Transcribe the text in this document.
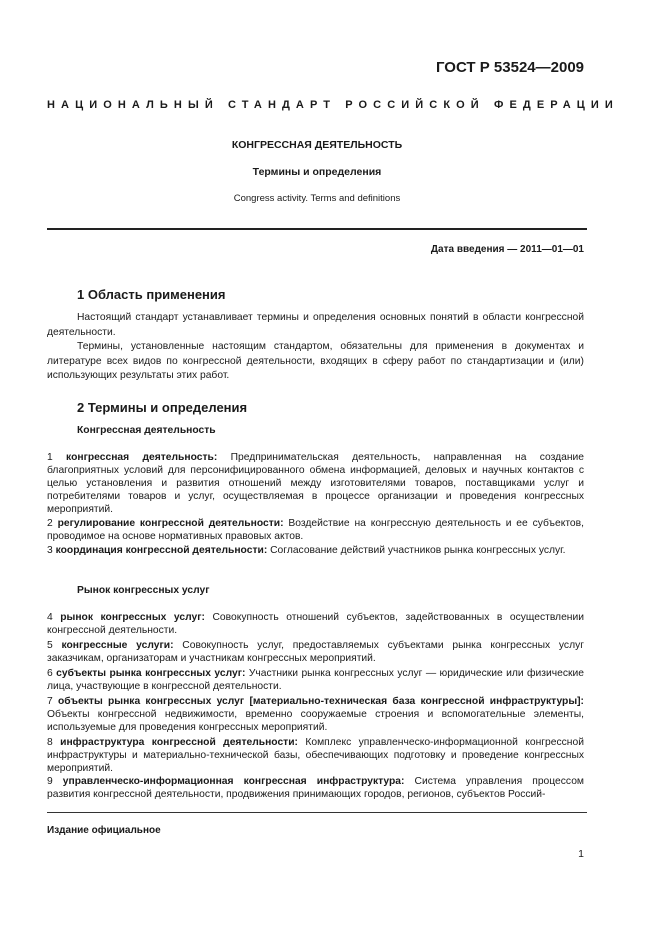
ГОСТ Р 53524—2009
НАЦИОНАЛЬНЫЙ СТАНДАРТ РОССИЙСКОЙ ФЕДЕРАЦИИ
КОНГРЕССНАЯ ДЕЯТЕЛЬНОСТЬ
Термины и определения
Congress activity. Terms and definitions
Дата введения — 2011—01—01
1 Область применения
Настоящий стандарт устанавливает термины и определения основных понятий в области конгрессной деятельности.
Термины, установленные настоящим стандартом, обязательны для применения в документах и литературе всех видов по конгрессной деятельности, входящих в сферу работ по стандартизации и (или) использующих результаты этих работ.
2 Термины и определения
Конгрессная деятельность
1 конгрессная деятельность: Предпринимательская деятельность, направленная на создание благоприятных условий для персонифицированного обмена информацией, деловых и научных контактов с целью установления и развития отношений между изготовителями товаров, поставщиками услуг и потребителями товаров и услуг, осуществляемая в процессе организации и проведения конгрессных мероприятий.
2 регулирование конгрессной деятельности: Воздействие на конгрессную деятельность и ее субъектов, проводимое на основе нормативных правовых актов.
3 координация конгрессной деятельности: Согласование действий участников рынка конгрессных услуг.
Рынок конгрессных услуг
4 рынок конгрессных услуг: Совокупность отношений субъектов, задействованных в осуществлении конгрессной деятельности.
5 конгрессные услуги: Совокупность услуг, предоставляемых субъектами рынка конгрессных услуг заказчикам, организаторам и участникам конгрессных мероприятий.
6 субъекты рынка конгрессных услуг: Участники рынка конгрессных услуг — юридические или физические лица, участвующие в конгрессной деятельности.
7 объекты рынка конгрессных услуг [материально-техническая база конгрессной инфраструктуры]: Объекты конгрессной недвижимости, временно сооружаемые строения и вспомогательные элементы, используемые для проведения конгрессных мероприятий.
8 инфраструктура конгрессной деятельности: Комплекс управленческо-информационной конгрессной инфраструктуры и материально-технической базы, обеспечивающих подготовку и проведение конгрессных мероприятий.
9 управленческо-информационная конгрессная инфраструктура: Система управления процессом развития конгрессной деятельности, продвижения принимающих городов, регионов, субъектов Россий-
Издание официальное
1
